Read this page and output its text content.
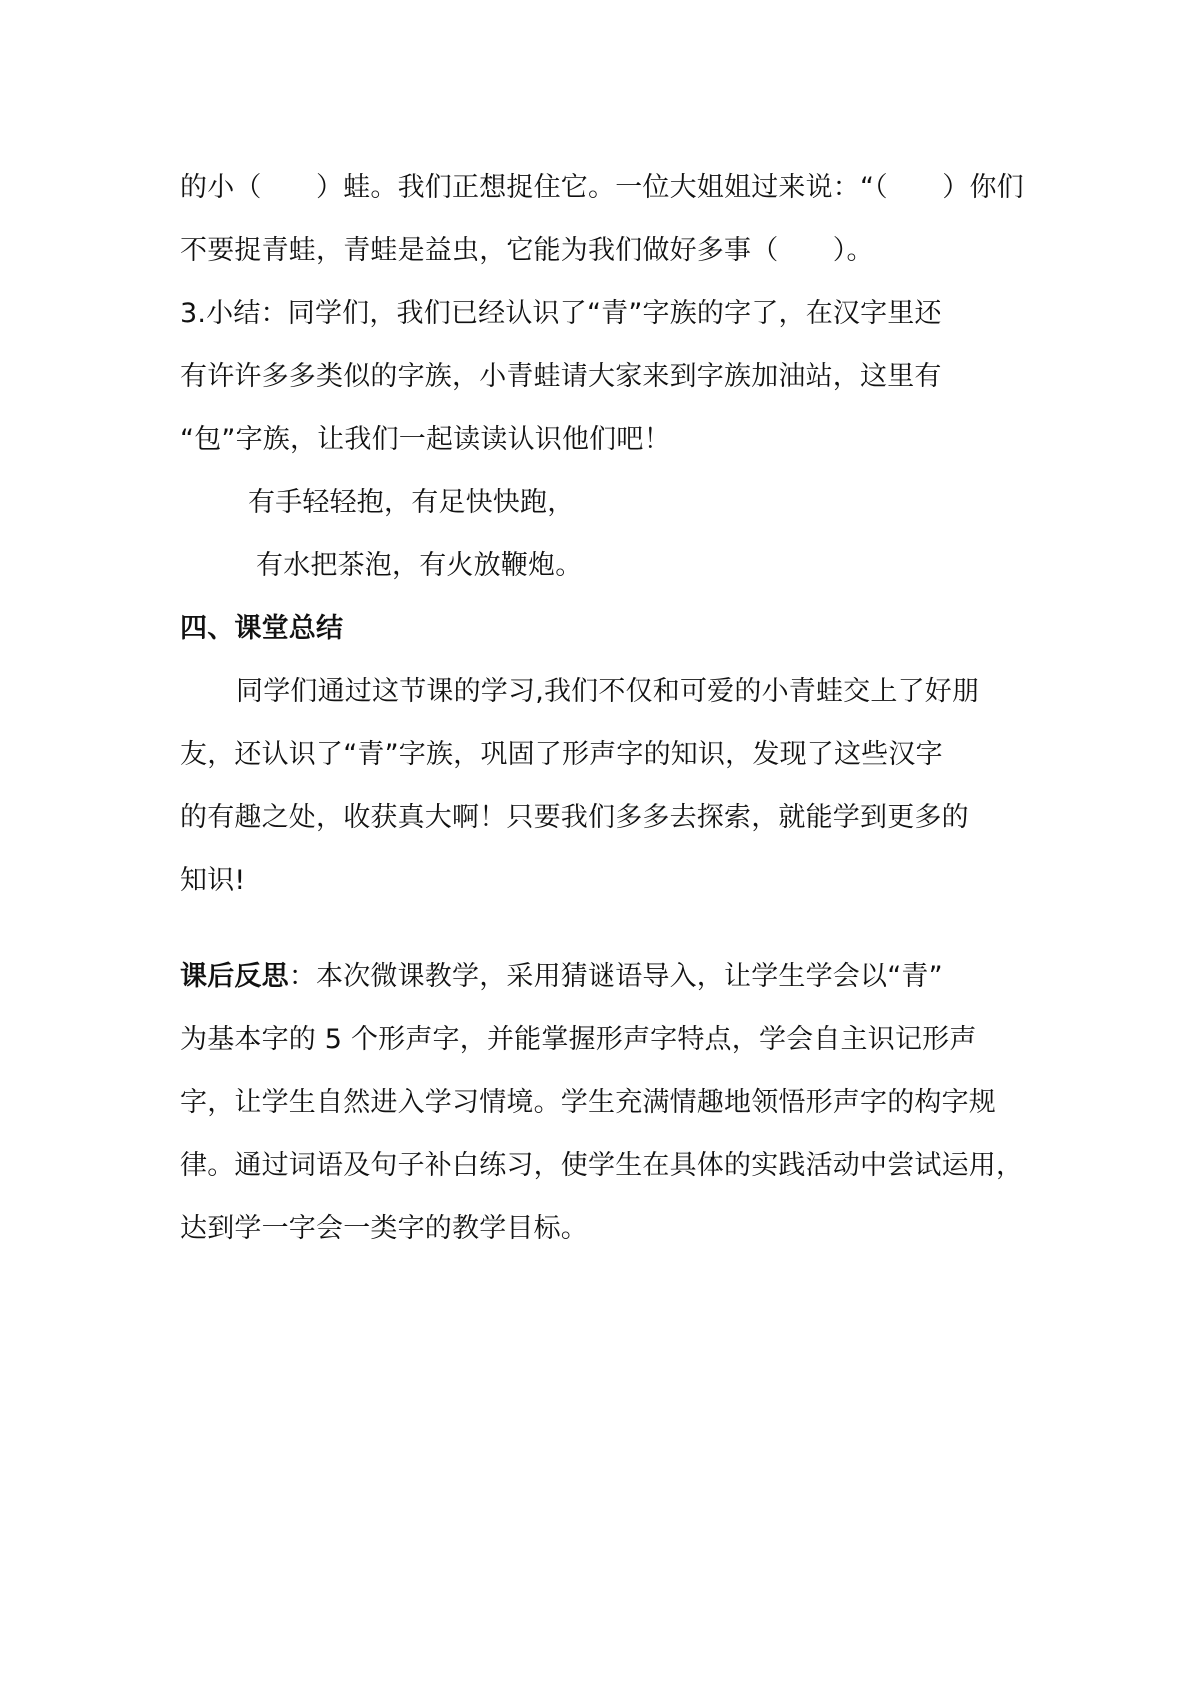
的小（　　）蛙。我们正想捉住它。一位大姐姐过来说：“（　　）你们
不要捉青蛙，青蛙是益虫，它能为我们做好多事（　　）。
3.小结：同学们，我们已经认识了“青”字族的字了，在汉字里还
有许许多多类似的字族，小青蛙请大家来到字族加油站，这里有
“包”字族，让我们一起读读认识他们吧！
有手轻轻抱，有足快快跑，
有水把茶泡，有火放鞭炮。
四、课堂总结
同学们通过这节课的学习,我们不仅和可爱的小青蛙交上了好朋
友，还认识了“青”字族，巩固了形声字的知识，发现了这些汉字
的有趣之处，收获真大啊！只要我们多多去探索，就能学到更多的
知识!
课后反思：本次微课教学，采用猜谜语导入，让学生学会以“青”
为基本字的 5 个形声字，并能掌握形声字特点，学会自主识记形声
字，让学生自然进入学习情境。学生充满情趣地领悟形声字的构字规
律。通过词语及句子补白练习，使学生在具体的实践活动中尝试运用，
达到学一字会一类字的教学目标。
